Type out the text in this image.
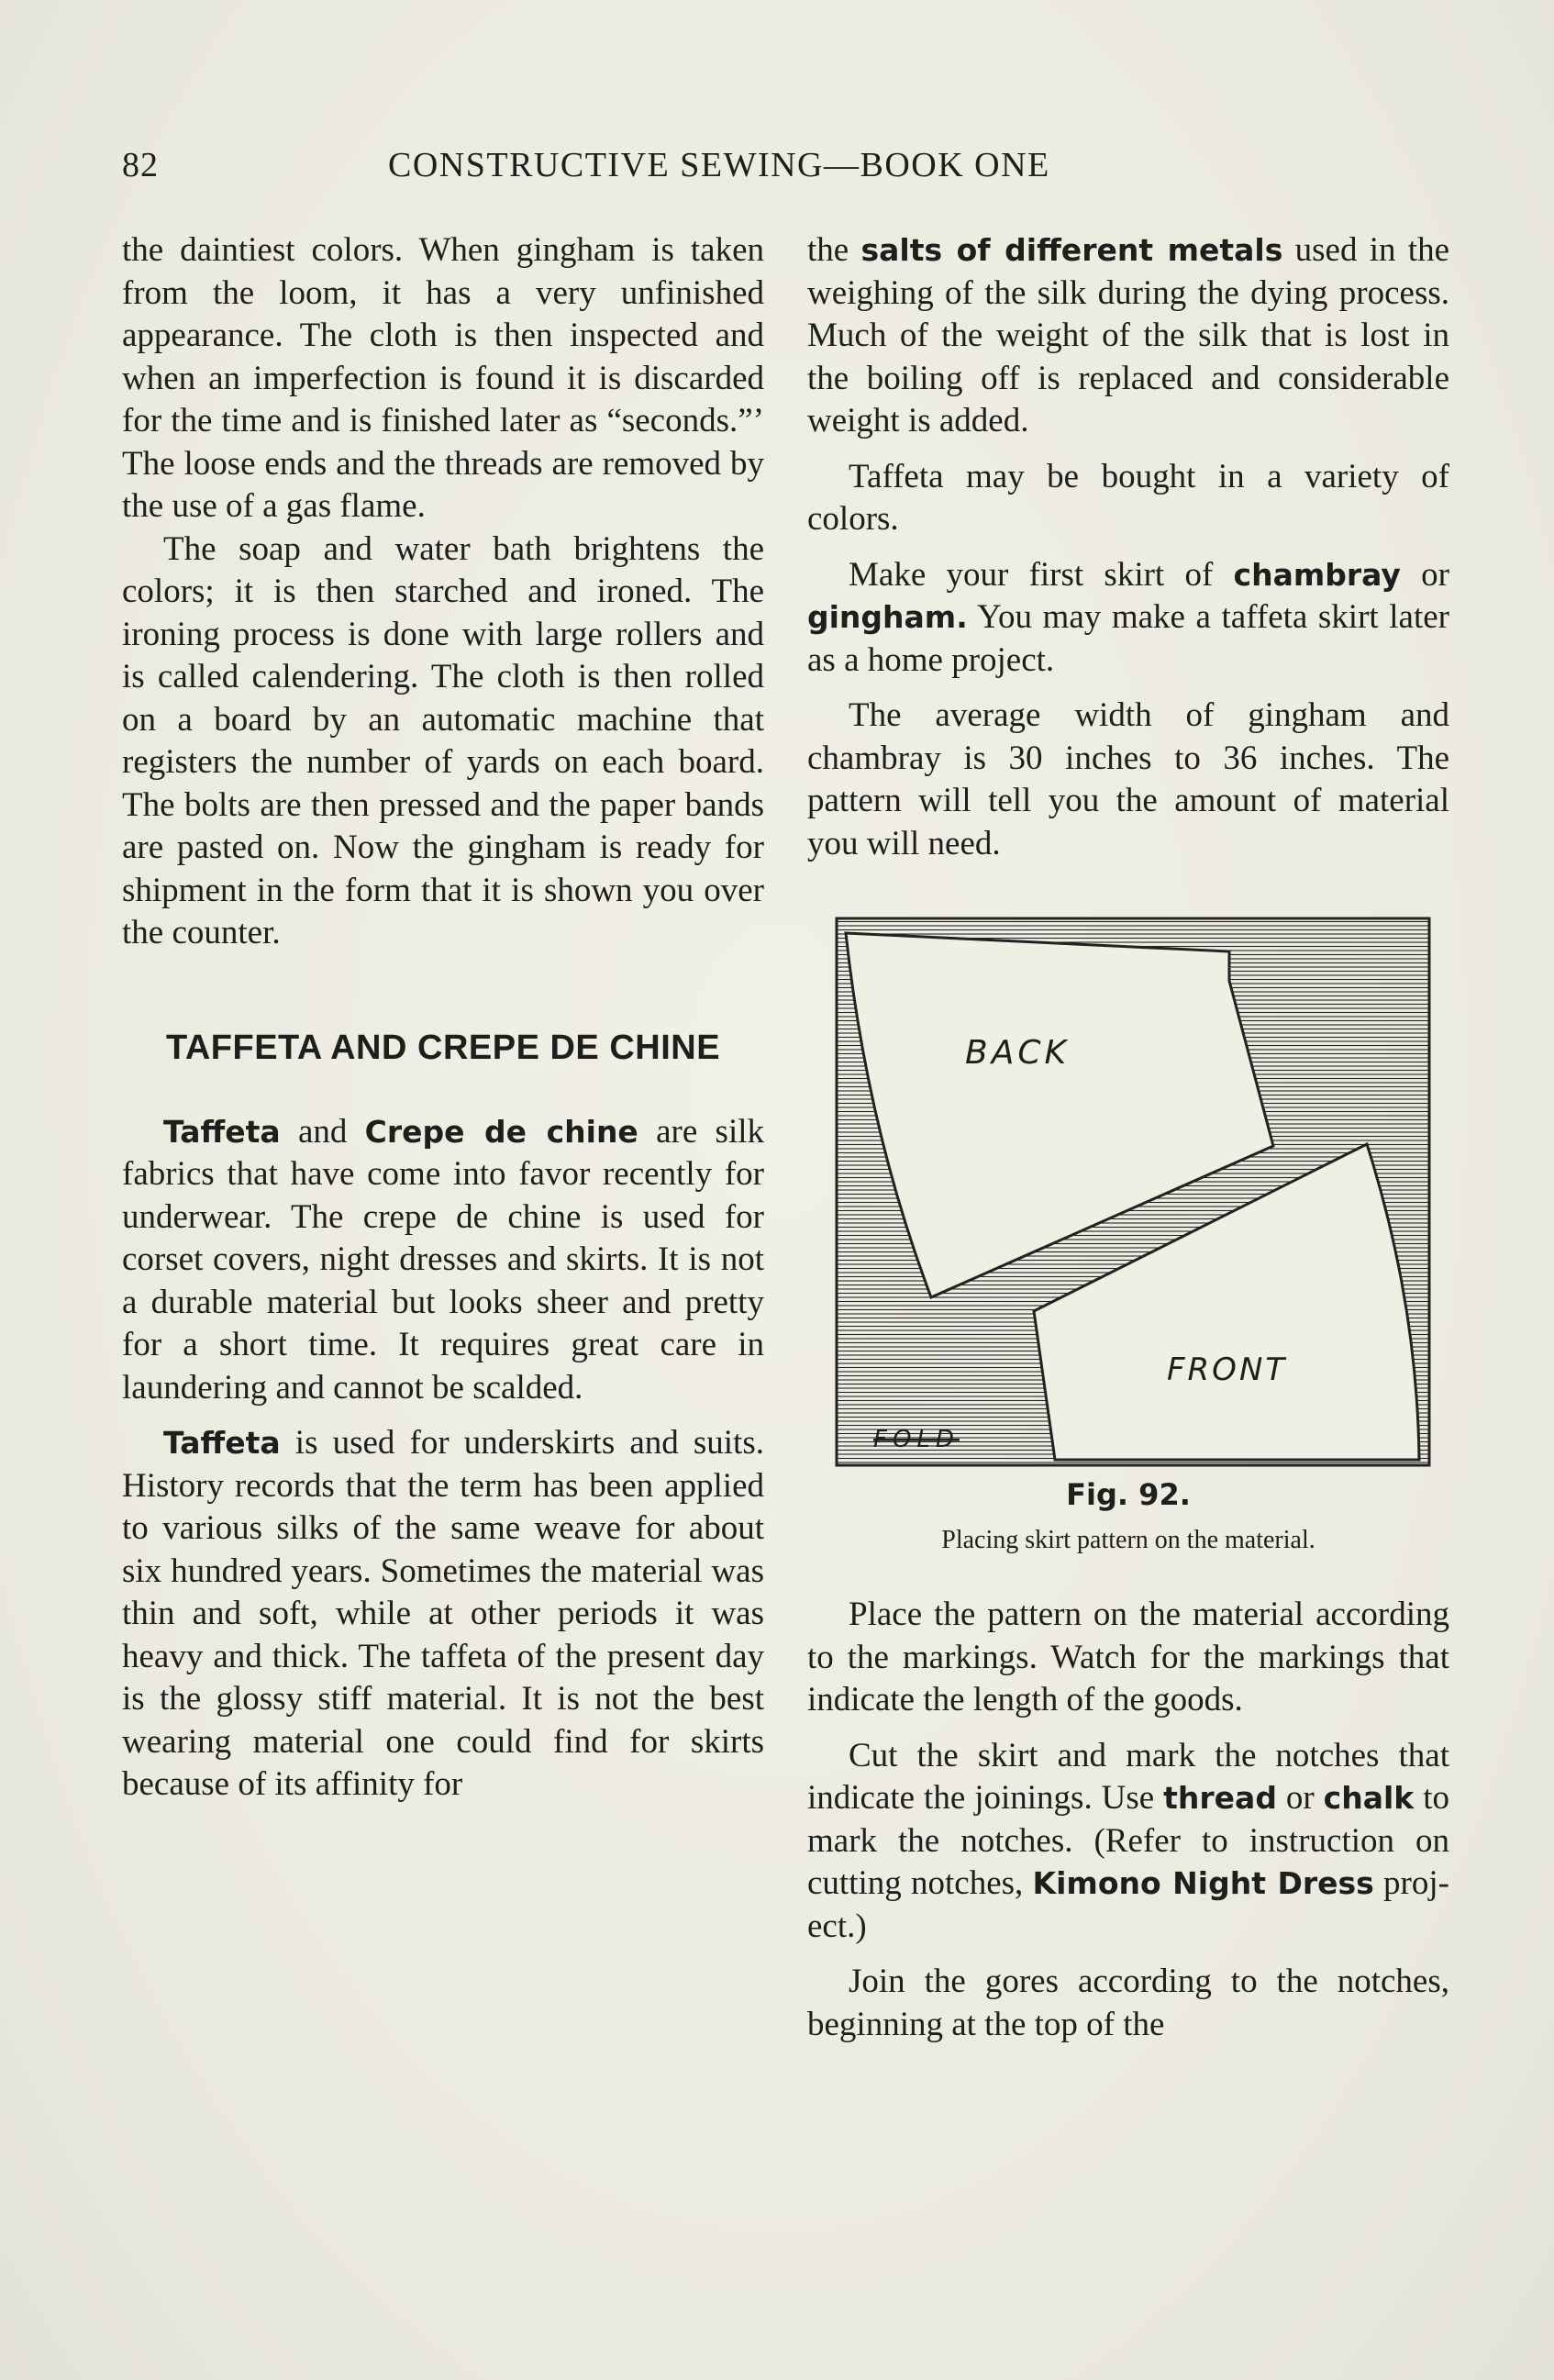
82	CONSTRUCTIVE SEWING—BOOK ONE

the daintiest colors. When gingham is taken from the loom, it has a very unfinished appearance. The cloth is then inspected and when an imperfection is found it is discarded for the time and is finished later as “seconds.”’ The loose ends and the threads are removed by the use of a gas flame.

The soap and water bath brightens the colors; it is then starched and ironed. The ironing process is done with large rollers and is called calendering. The cloth is then rolled on a board by an automatic machine that registers the number of yards on each board. The bolts are then pressed and the paper bands are pasted on. Now the gingham is ready for shipment in the form that it is shown you over the counter.

TAFFETA AND CREPE DE CHINE

Taffeta and Crepe de chine are silk fabrics that have come into favor recently for underwear. The crepe de chine is used for corset covers, night dresses and skirts. It is not a durable material but looks sheer and pretty for a short time. It requires great care in laundering and cannot be scalded.

Taffeta is used for underskirts and suits. History records that the term has been applied to various silks of the same weave for about six hundred years. Sometimes the material was thin and soft, while at other periods it was heavy and thick. The taffeta of the present day is the glossy stiff material. It is not the best wearing material one could find for skirts because of its affinity for

the salts of different metals used in the weighing of the silk during the dying process. Much of the weight of the silk that is lost in the boiling off is replaced and considerable weight is added.

Taffeta may be bought in a variety of colors.

Make your first skirt of chambray or gingham. You may make a taffeta skirt later as a home project.

The average width of gingham and chambray is 30 inches to 36 inches. The pattern will tell you the amount of material you will need.

BACK
FRONT
FOLD
Fig. 92.
Placing skirt pattern on the material.

Place the pattern on the material according to the markings. Watch for the markings that indicate the length of the goods.

Cut the skirt and mark the notches that indicate the joinings. Use thread or chalk to mark the notches. (Refer to instruction on cutting notches, Kimono Night Dress project.)

Join the gores according to the notches, beginning at the top of the
